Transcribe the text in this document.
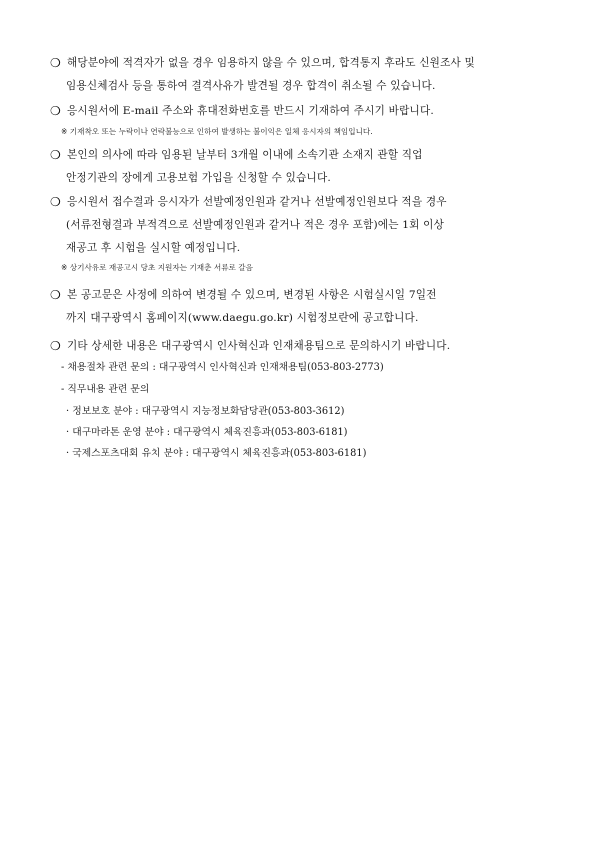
❍ 해당분야에 적격자가 없을 경우 임용하지 않을 수 있으며, 합격통지 후라도 신원조사 및
임용신체검사 등을 통하여 결격사유가 발견될 경우 합격이 취소될 수 있습니다.
❍ 응시원서에 E-mail 주소와 휴대전화번호를 반드시 기재하여 주시기 바랍니다.
※ 기재착오 또는 누락이나 연락불능으로 인하여 발생하는 불이익은 일체 응시자의 책임입니다.
❍ 본인의 의사에 따라 임용된 날부터 3개월 이내에 소속기관 소재지 관할 직업
안정기관의 장에게 고용보험 가입을 신청할 수 있습니다.
❍ 응시원서 접수결과 응시자가 선발예정인원과 같거나 선발예정인원보다 적을 경우
(서류전형결과 부적격으로 선발예정인원과 같거나 적은 경우 포함)에는 1회 이상
재공고 후 시험을 실시할 예정입니다.
※ 상기사유로 재공고시 당초 지원자는 기재춘 서류로 갈음
❍ 본 공고문은 사정에 의하여 변경될 수 있으며, 변경된 사항은 시험실시일 7일전
까지 대구광역시 홈페이지(www.daegu.go.kr) 시험정보란에 공고합니다.
❍ 기타 상세한 내용은 대구광역시 인사혁신과 인재채용팀으로 문의하시기 바랍니다.
- 채용절차 관련 문의 : 대구광역시 인사혁신과 인재채용팀(053-803-2773)
- 직무내용 관련 문의
· 정보보호 분야 : 대구광역시 지능정보화담당관(053-803-3612)
· 대구마라톤 운영 분야 : 대구광역시 체육진흥과(053-803-6181)
· 국제스포츠대회 유치 분야 : 대구광역시 체육진흥과(053-803-6181)
